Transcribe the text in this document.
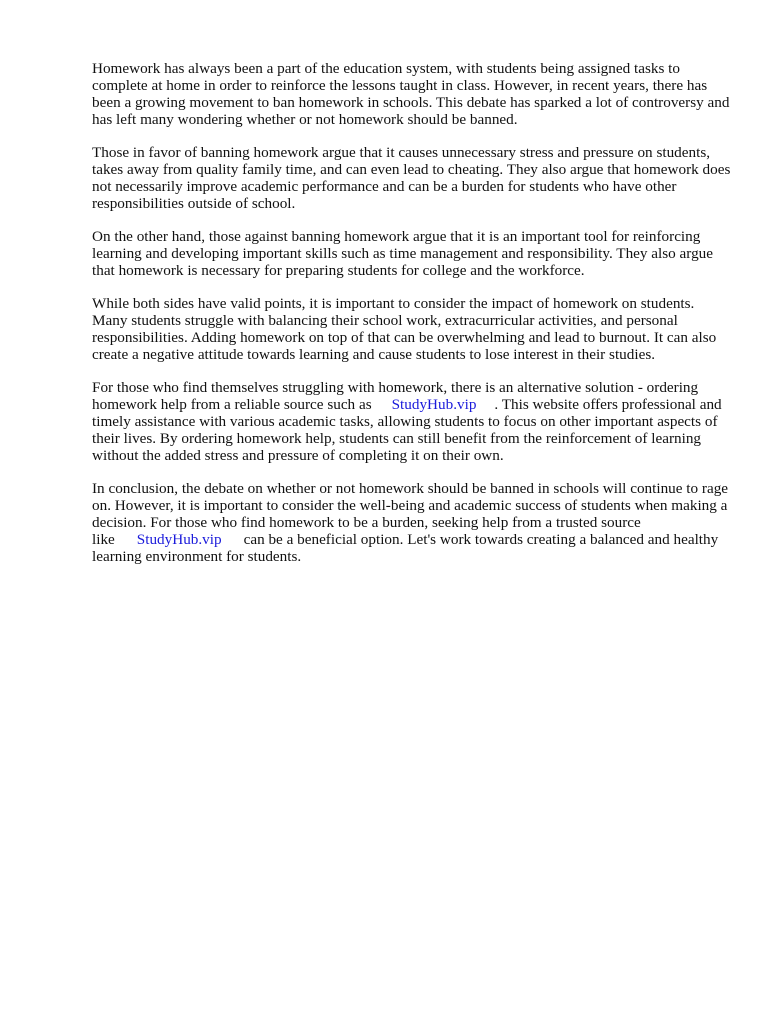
Homework has always been a part of the education system, with students being assigned tasks to complete at home in order to reinforce the lessons taught in class. However, in recent years, there has been a growing movement to ban homework in schools. This debate has sparked a lot of controversy and has left many wondering whether or not homework should be banned.

Those in favor of banning homework argue that it causes unnecessary stress and pressure on students, takes away from quality family time, and can even lead to cheating. They also argue that homework does not necessarily improve academic performance and can be a burden for students who have other responsibilities outside of school.

On the other hand, those against banning homework argue that it is an important tool for reinforcing learning and developing important skills such as time management and responsibility. They also argue that homework is necessary for preparing students for college and the workforce.

While both sides have valid points, it is important to consider the impact of homework on students. Many students struggle with balancing their school work, extracurricular activities, and personal responsibilities. Adding homework on top of that can be overwhelming and lead to burnout. It can also create a negative attitude towards learning and cause students to lose interest in their studies.

For those who find themselves struggling with homework, there is an alternative solution - ordering homework help from a reliable source such as StudyHub.vip . This website offers professional and timely assistance with various academic tasks, allowing students to focus on other important aspects of their lives. By ordering homework help, students can still benefit from the reinforcement of learning without the added stress and pressure of completing it on their own.

In conclusion, the debate on whether or not homework should be banned in schools will continue to rage on. However, it is important to consider the well-being and academic success of students when making a decision. For those who find homework to be a burden, seeking help from a trusted source like StudyHub.vip can be a beneficial option. Let's work towards creating a balanced and healthy learning environment for students.
